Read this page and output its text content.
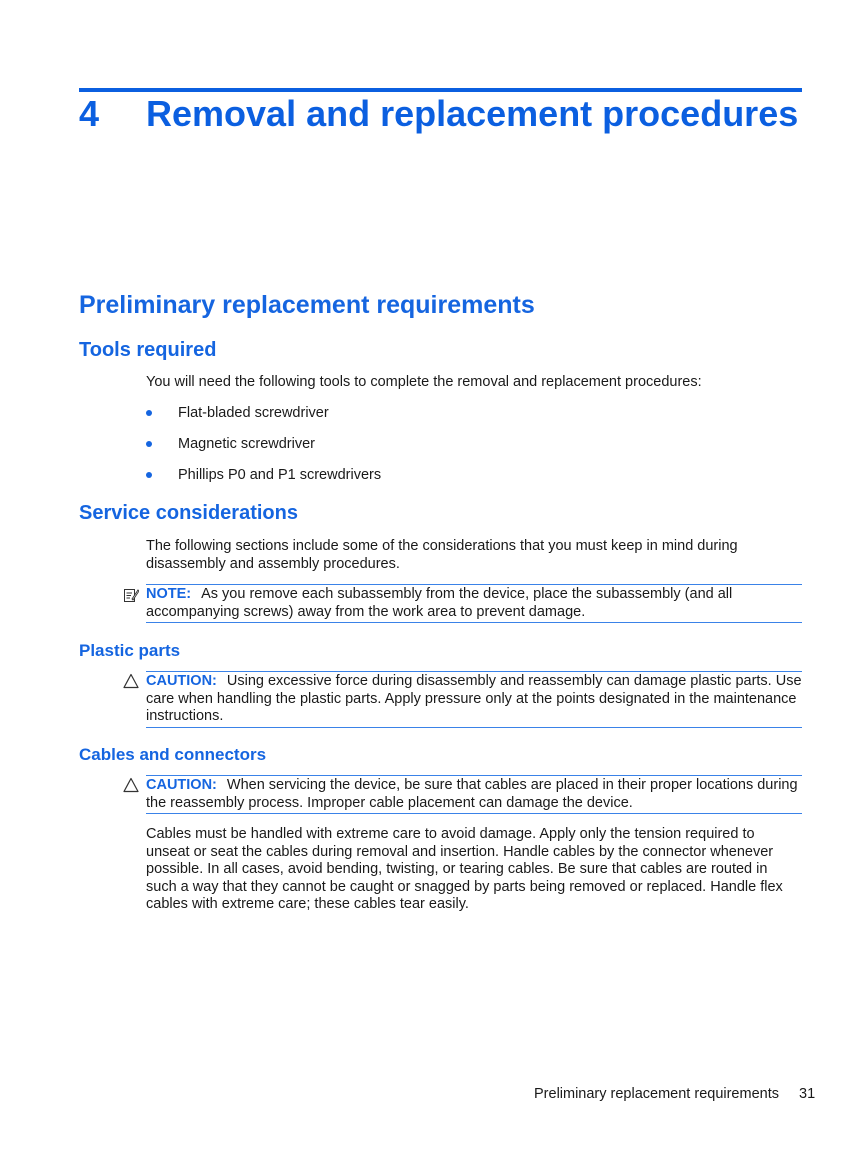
4 Removal and replacement procedures
Preliminary replacement requirements
Tools required
You will need the following tools to complete the removal and replacement procedures:
Flat-bladed screwdriver
Magnetic screwdriver
Phillips P0 and P1 screwdrivers
Service considerations
The following sections include some of the considerations that you must keep in mind during disassembly and assembly procedures.
NOTE: As you remove each subassembly from the device, place the subassembly (and all accompanying screws) away from the work area to prevent damage.
Plastic parts
CAUTION: Using excessive force during disassembly and reassembly can damage plastic parts. Use care when handling the plastic parts. Apply pressure only at the points designated in the maintenance instructions.
Cables and connectors
CAUTION: When servicing the device, be sure that cables are placed in their proper locations during the reassembly process. Improper cable placement can damage the device.
Cables must be handled with extreme care to avoid damage. Apply only the tension required to unseat or seat the cables during removal and insertion. Handle cables by the connector whenever possible. In all cases, avoid bending, twisting, or tearing cables. Be sure that cables are routed in such a way that they cannot be caught or snagged by parts being removed or replaced. Handle flex cables with extreme care; these cables tear easily.
Preliminary replacement requirements 31
